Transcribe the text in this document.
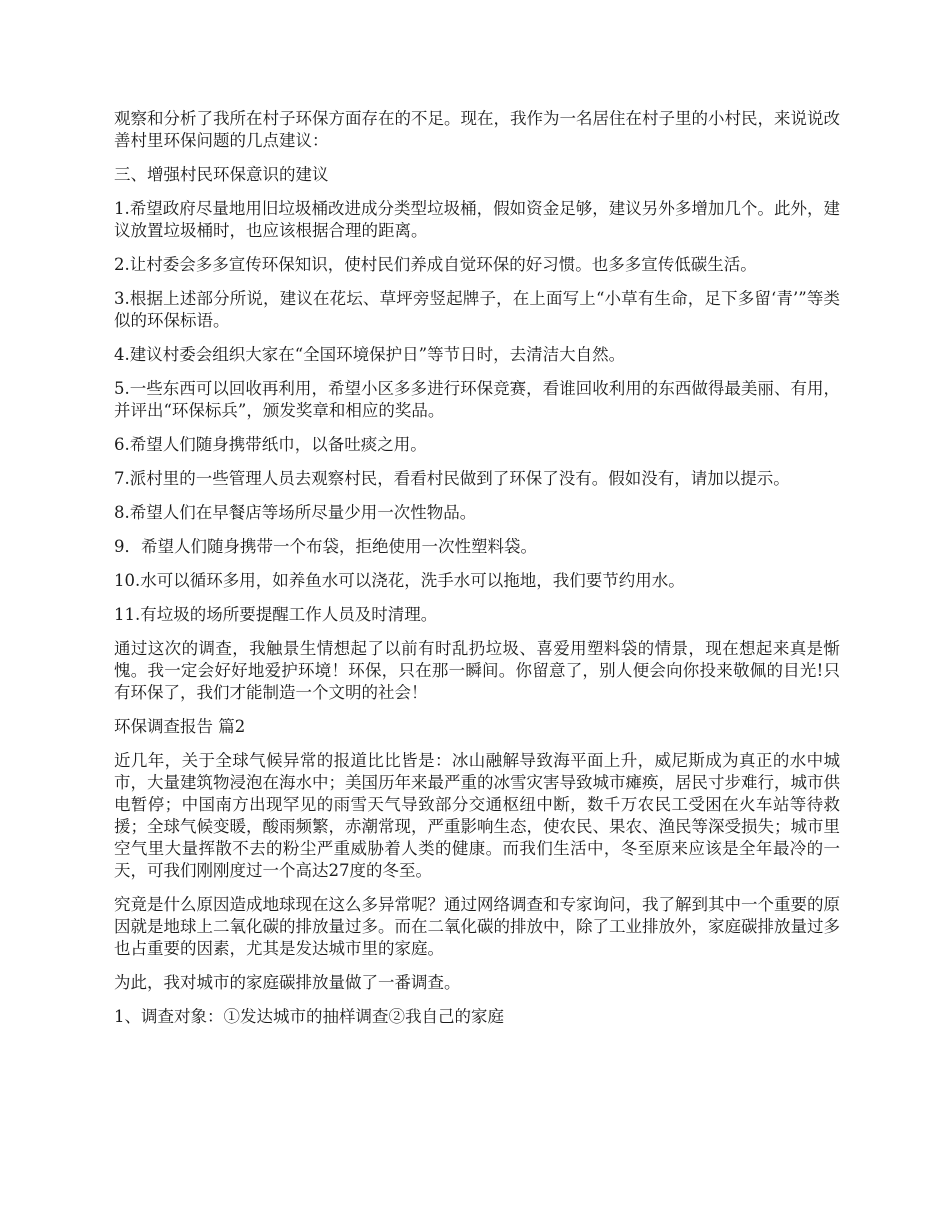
观察和分析了我所在村子环保方面存在的不足。现在，我作为一名居住在村子里的小村民，来说说改善村里环保问题的几点建议：

三、增强村民环保意识的建议

1.希望政府尽量地用旧垃圾桶改进成分类型垃圾桶，假如资金足够，建议另外多增加几个。此外，建议放置垃圾桶时，也应该根据合理的距离。

2.让村委会多多宣传环保知识，使村民们养成自觉环保的好习惯。也多多宣传低碳生活。

3.根据上述部分所说，建议在花坛、草坪旁竖起牌子，在上面写上“小草有生命，足下多留‘青’”等类似的环保标语。

4.建议村委会组织大家在“全国环境保护日”等节日时，去清洁大自然。

5.一些东西可以回收再利用，希望小区多多进行环保竞赛，看谁回收利用的东西做得最美丽、有用，并评出“环保标兵”，颁发奖章和相应的奖品。

6.希望人们随身携带纸巾，以备吐痰之用。

7.派村里的一些管理人员去观察村民，看看村民做到了环保了没有。假如没有，请加以提示。

8.希望人们在早餐店等场所尽量少用一次性物品。

9．希望人们随身携带一个布袋，拒绝使用一次性塑料袋。

10.水可以循环多用，如养鱼水可以浇花，洗手水可以拖地，我们要节约用水。

11.有垃圾的场所要提醒工作人员及时清理。

通过这次的调查，我触景生情想起了以前有时乱扔垃圾、喜爱用塑料袋的情景，现在想起来真是惭愧。我一定会好好地爱护环境！环保，只在那一瞬间。你留意了，别人便会向你投来敬佩的目光!只有环保了，我们才能制造一个文明的社会！

环保调查报告 篇2

近几年，关于全球气候异常的报道比比皆是：冰山融解导致海平面上升，威尼斯成为真正的水中城市，大量建筑物浸泡在海水中；美国历年来最严重的冰雪灾害导致城市瘫痪，居民寸步难行，城市供电暂停；中国南方出现罕见的雨雪天气导致部分交通枢纽中断，数千万农民工受困在火车站等待救援；全球气候变暖，酸雨频繁，赤潮常现，严重影响生态，使农民、果农、渔民等深受损失；城市里空气里大量挥散不去的粉尘严重威胁着人类的健康。而我们生活中，冬至原来应该是全年最冷的一天，可我们刚刚度过一个高达27度的冬至。

究竟是什么原因造成地球现在这么多异常呢？通过网络调查和专家询问，我了解到其中一个重要的原因就是地球上二氧化碳的排放量过多。而在二氧化碳的排放中，除了工业排放外，家庭碳排放量过多也占重要的因素，尤其是发达城市里的家庭。

为此，我对城市的家庭碳排放量做了一番调查。

1、调查对象：①发达城市的抽样调查②我自己的家庭
